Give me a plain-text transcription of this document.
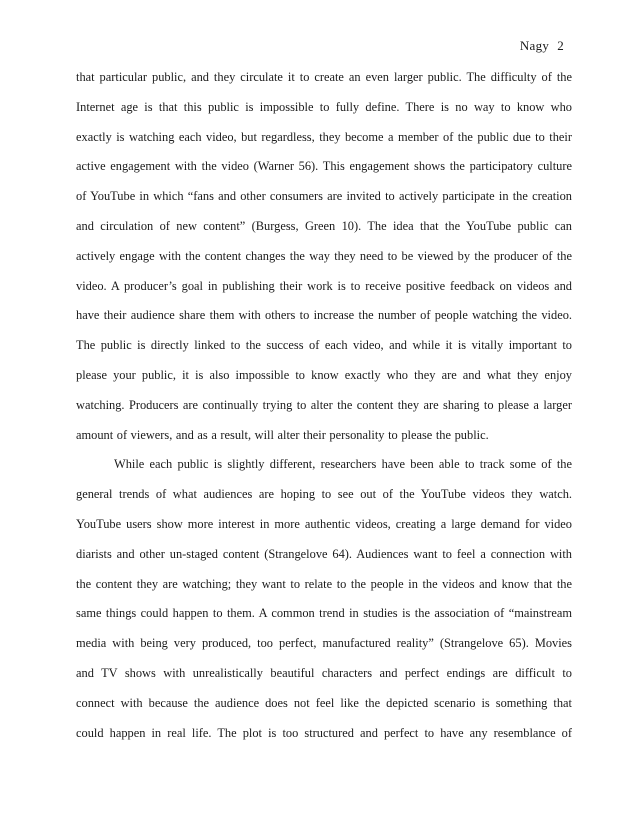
Nagy 2
that particular public, and they circulate it to create an even larger public. The difficulty of the
Internet age is that this public is impossible to fully define. There is no way to know who
exactly is watching each video, but regardless, they become a member of the public due to their
active engagement with the video (Warner 56). This engagement shows the participatory culture
of YouTube in which “fans and other consumers are invited to actively participate in the creation
and circulation of new content” (Burgess, Green 10). The idea that the YouTube public can
actively engage with the content changes the way they need to be viewed by the producer of the
video. A producer’s goal in publishing their work is to receive positive feedback on videos and
have their audience share them with others to increase the number of people watching the video.
The public is directly linked to the success of each video, and while it is vitally important to
please your public, it is also impossible to know exactly who they are and what they enjoy
watching. Producers are continually trying to alter the content they are sharing to please a larger
amount of viewers, and as a result, will alter their personality to please the public.
While each public is slightly different, researchers have been able to track some of the
general trends of what audiences are hoping to see out of the YouTube videos they watch.
YouTube users show more interest in more authentic videos, creating a large demand for video
diarists and other un-staged content (Strangelove 64). Audiences want to feel a connection with
the content they are watching; they want to relate to the people in the videos and know that the
same things could happen to them. A common trend in studies is the association of “mainstream
media with being very produced, too perfect, manufactured reality” (Strangelove 65). Movies
and TV shows with unrealistically beautiful characters and perfect endings are difficult to
connect with because the audience does not feel like the depicted scenario is something that
could happen in real life. The plot is too structured and perfect to have any resemblance of
